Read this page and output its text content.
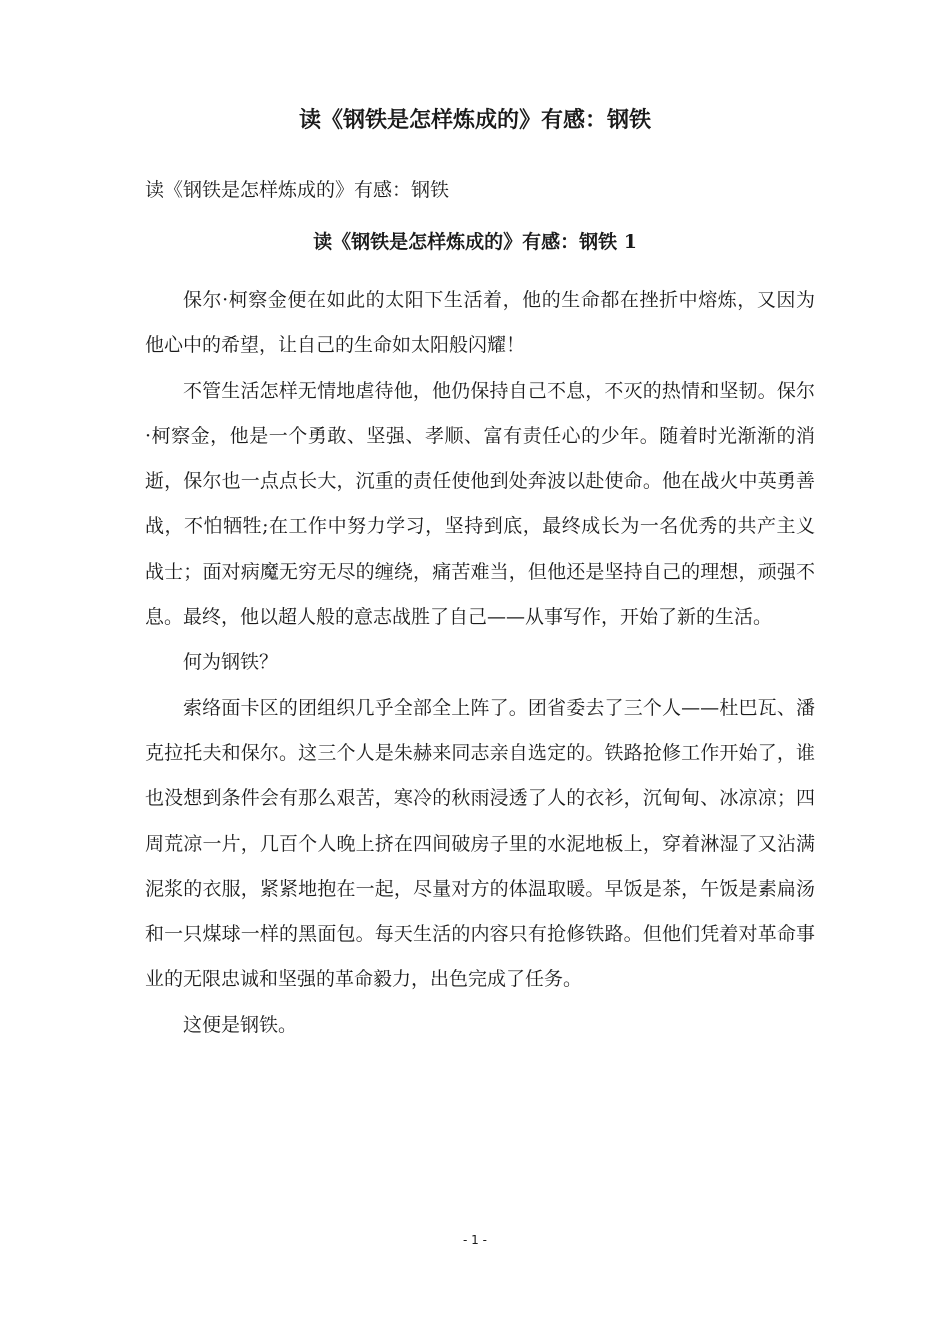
读《钢铁是怎样炼成的》有感：钢铁
读《钢铁是怎样炼成的》有感：钢铁
读《钢铁是怎样炼成的》有感：钢铁 1

保尔·柯察金便在如此的太阳下生活着，他的生命都在挫折中熔炼，又因为他心中的希望，让自己的生命如太阳般闪耀！

不管生活怎样无情地虐待他，他仍保持自己不息，不灭的热情和坚韧。保尔·柯察金，他是一个勇敢、坚强、孝顺、富有责任心的少年。随着时光渐渐的消逝，保尔也一点点长大，沉重的责任使他到处奔波以赴使命。他在战火中英勇善战，不怕牺牲;在工作中努力学习，坚持到底，最终成长为一名优秀的共产主义战士；面对病魔无穷无尽的缠绕，痛苦难当，但他还是坚持自己的理想，顽强不息。最终，他以超人般的意志战胜了自己——从事写作，开始了新的生活。

何为钢铁？

索络面卡区的团组织几乎全部全上阵了。团省委去了三个人——杜巴瓦、潘克拉托夫和保尔。这三个人是朱赫来同志亲自选定的。铁路抢修工作开始了，谁也没想到条件会有那么艰苦，寒冷的秋雨浸透了人的衣衫，沉甸甸、冰凉凉；四周荒凉一片，几百个人晚上挤在四间破房子里的水泥地板上，穿着淋湿了又沾满泥浆的衣服，紧紧地抱在一起，尽量对方的体温取暖。早饭是茶，午饭是素扁汤和一只煤球一样的黑面包。每天生活的内容只有抢修铁路。但他们凭着对革命事业的无限忠诚和坚强的革命毅力，出色完成了任务。

这便是钢铁。

- 1 -
